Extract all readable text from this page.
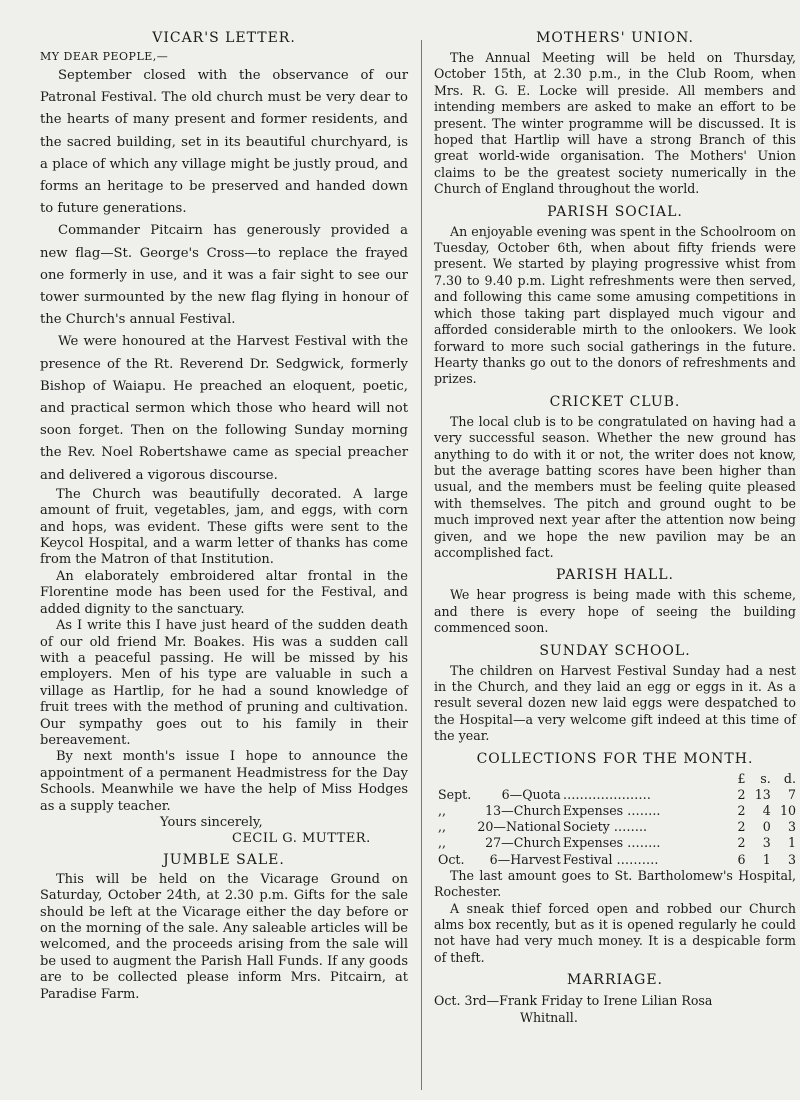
VICAR'S LETTER.

MY DEAR PEOPLE,—

September closed with the observance of our Patronal Festival. The old church must be very dear to the hearts of many present and former residents, and the sacred building, set in its beautiful churchyard, is a place of which any village might be justly proud, and forms an heritage to be preserved and handed down to future generations.

Commander Pitcairn has generously provided a new flag—St. George's Cross—to replace the frayed one formerly in use, and it was a fair sight to see our tower surmounted by the new flag flying in honour of the Church's annual Festival.

We were honoured at the Harvest Festival with the presence of the Rt. Reverend Dr. Sedgwick, formerly Bishop of Waiapu. He preached an eloquent, poetic, and practical sermon which those who heard will not soon forget. Then on the following Sunday morning the Rev. Noel Robertshawe came as special preacher and delivered a vigorous discourse.

The Church was beautifully decorated. A large amount of fruit, vegetables, jam, and eggs, with corn and hops, was evident. These gifts were sent to the Keycol Hospital, and a warm letter of thanks has come from the Matron of that Institution.

An elaborately embroidered altar frontal in the Florentine mode has been used for the Festival, and added dignity to the sanctuary.

As I write this I have just heard of the sudden death of our old friend Mr. Boakes. His was a sudden call with a peaceful passing. He will be missed by his employers. Men of his type are valuable in such a village as Hartlip, for he had a sound knowledge of fruit trees with the method of pruning and cultivation. Our sympathy goes out to his family in their bereavement.

By next month's issue I hope to announce the appointment of a permanent Headmistress for the Day Schools. Meanwhile we have the help of Miss Hodges as a supply teacher.

Yours sincerely,

CECIL G. MUTTER.

JUMBLE SALE.

This will be held on the Vicarage Ground on Saturday, October 24th, at 2.30 p.m. Gifts for the sale should be left at the Vicarage either the day before or on the morning of the sale. Any saleable articles will be welcomed, and the proceeds arising from the sale will be used to augment the Parish Hall Funds. If any goods are to be collected please inform Mrs. Pitcairn, at Paradise Farm.

MOTHERS' UNION.

The Annual Meeting will be held on Thursday, October 15th, at 2.30 p.m., in the Club Room, when Mrs. R. G. E. Locke will preside. All members and intending members are asked to make an effort to be present. The winter programme will be discussed. It is hoped that Hartlip will have a strong Branch of this great world-wide organisation. The Mothers' Union claims to be the greatest society numerically in the Church of England throughout the world.

PARISH SOCIAL.

An enjoyable evening was spent in the Schoolroom on Tuesday, October 6th, when about fifty friends were present. We started by playing progressive whist from 7.30 to 9.40 p.m. Light refreshments were then served, and following this came some amusing competitions in which those taking part displayed much vigour and afforded considerable mirth to the onlookers. We look forward to more such social gatherings in the future. Hearty thanks go out to the donors of refreshments and prizes.

CRICKET CLUB.

The local club is to be congratulated on having had a very successful season. Whether the new ground has anything to do with it or not, the writer does not know, but the average batting scores have been higher than usual, and the members must be feeling quite pleased with themselves. The pitch and ground ought to be much improved next year after the attention now being given, and we hope the new pavilion may be an accomplished fact.

PARISH HALL.

We hear progress is being made with this scheme, and there is every hope of seeing the building commenced soon.

SUNDAY SCHOOL.

The children on Harvest Festival Sunday had a nest in the Church, and they laid an egg or eggs in it. As a result several dozen new laid eggs were despatched to the Hospital—a very welcome gift indeed at this time of the year.

COLLECTIONS FOR THE MONTH.
			£	s.	d.
Sept.	6—Quota	…………………	2	13	7
,,	13—Church	Expenses ……..	2	4	10
,,	20—National	Society ……..	2	0	3
,,	27—Church	Expenses ……..	2	3	1
Oct.	6—Harvest	Festival ……….	6	1	3

The last amount goes to St. Bartholomew's Hospital, Rochester.

A sneak thief forced open and robbed our Church alms box recently, but as it is opened regularly he could not have had very much money. It is a despicable form of theft.

MARRIAGE.

Oct. 3rd—Frank Friday to Irene Lilian Rosa
Whitnall.
